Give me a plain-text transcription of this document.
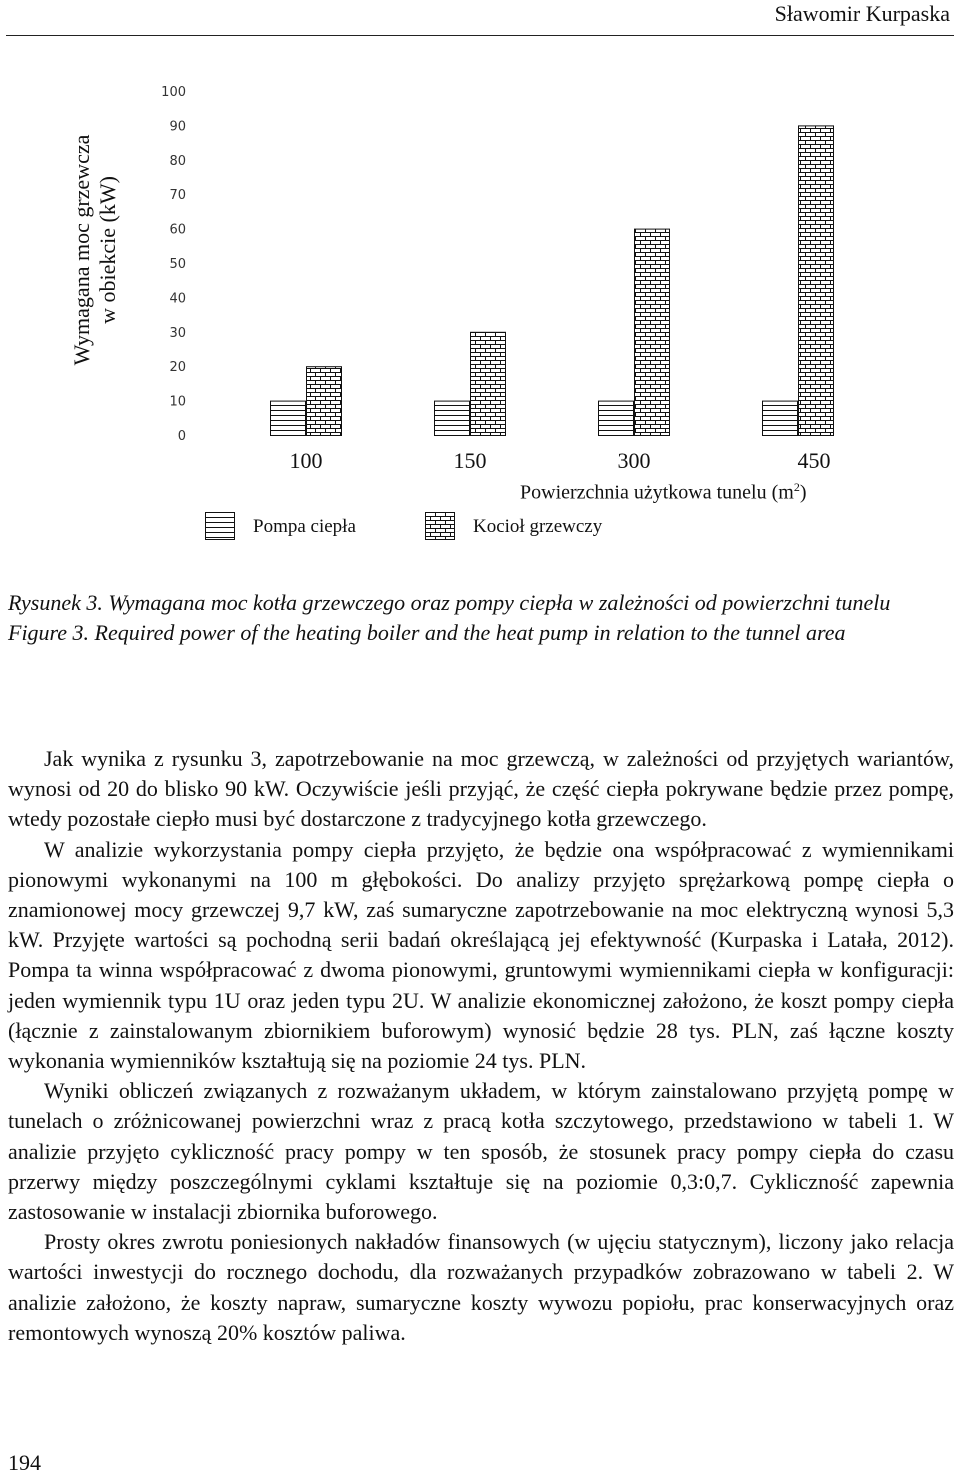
Sławomir Kurpaska
0
10
20
30
40
50
60
70
80
90
100
100	150	300	450
Wymagana moc grzewcza w obiekcie (kW)
Powierzchnia użytkowa tunelu $(m^2)$
Pompa ciepła	Kocioł grzewczy
Rysunek 3. Wymagana moc kotła grzewczego oraz pompy ciepła w zależności od powierzchni tunelu
Figure 3. Required power of the heating boiler and the heat pump in relation to the tunnel area

Jak wynika z rysunku 3, zapotrzebowanie na moc grzewczą, w zależności od przyjętych wariantów, wynosi od 20 do blisko 90 kW. Oczywiście jeśli przyjąć, że część ciepła pokrywane będzie przez pompę, wtedy pozostałe ciepło musi być dostarczone z tradycyjnego kotła grzewczego.

W analizie wykorzystania pompy ciepła przyjęto, że będzie ona współpracować z wymiennikami pionowymi wykonanymi na 100 m głębokości. Do analizy przyjęto sprężarkową pompę ciepła o znamionowej mocy grzewczej 9,7 kW, zaś sumaryczne zapotrzebowanie na moc elektryczną wynosi 5,3 kW. Przyjęte wartości są pochodną serii badań określającą jej efektywność (Kurpaska i Latała, 2012). Pompa ta winna współpracować z dwoma pionowymi, gruntowymi wymiennikami ciepła w konfiguracji: jeden wymiennik typu 1U oraz jeden typu 2U. W analizie ekonomicznej założono, że koszt pompy ciepła (łącznie z zainstalowanym zbiornikiem buforowym) wynosić będzie 28 tys. PLN, zaś łączne koszty wykonania wymienników kształtują się na poziomie 24 tys. PLN.

Wyniki obliczeń związanych z rozważanym układem, w którym zainstalowano przyjętą pompę w tunelach o zróżnicowanej powierzchni wraz z pracą kotła szczytowego, przedstawiono w tabeli 1. W analizie przyjęto cykliczność pracy pompy w ten sposób, że stosunek pracy pompy ciepła do czasu przerwy między poszczególnymi cyklami kształtuje się na poziomie 0,3:0,7. Cykliczność zapewnia zastosowanie w instalacji zbiornika buforowego.

Prosty okres zwrotu poniesionych nakładów finansowych (w ujęciu statycznym), liczony jako relacja wartości inwestycji do rocznego dochodu, dla rozważanych przypadków zobrazowano w tabeli 2. W analizie założono, że koszty napraw, sumaryczne koszty wywozu popiołu, prac konserwacyjnych oraz remontowych wynoszą 20% kosztów paliwa.

194
